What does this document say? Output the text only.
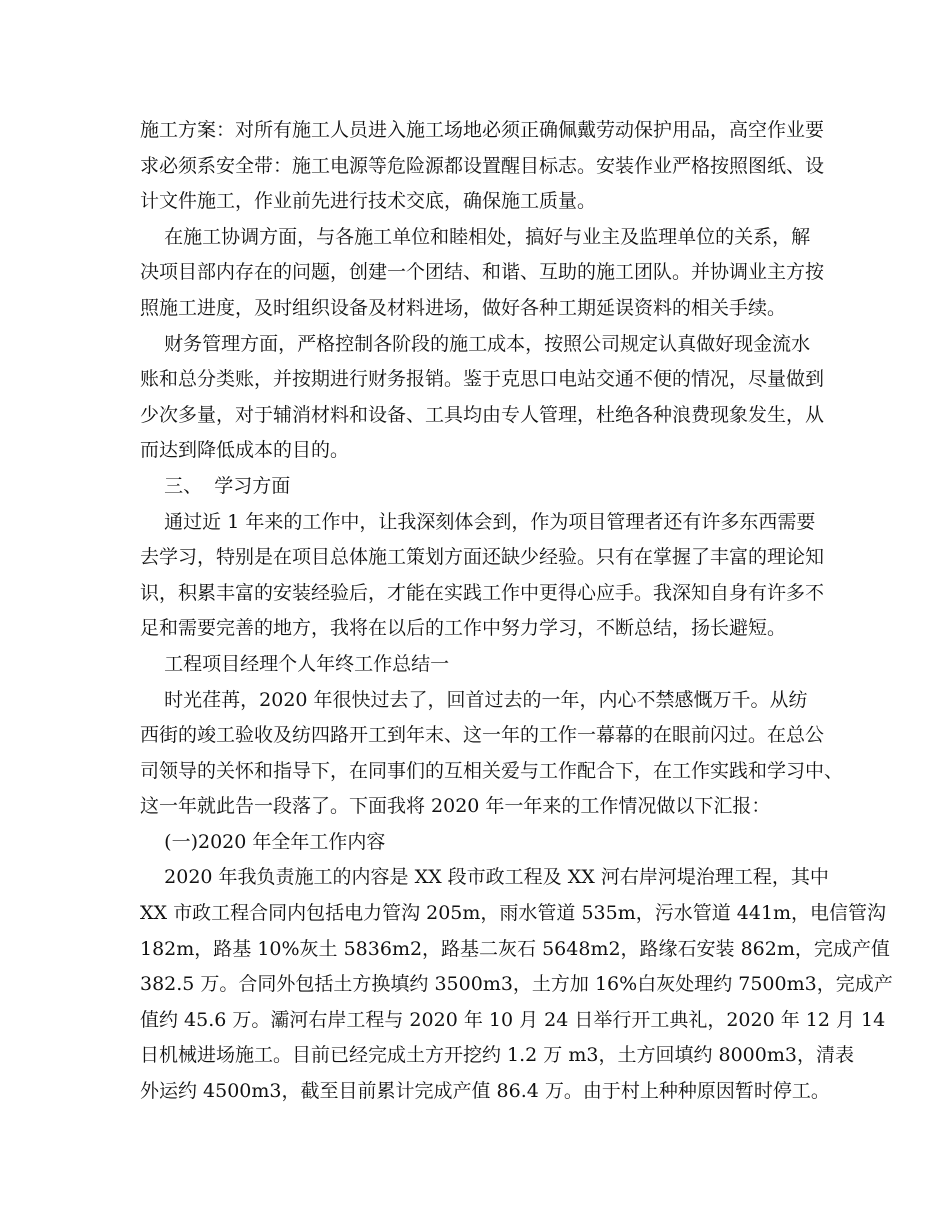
施工方案：对所有施工人员进入施工场地必须正确佩戴劳动保护用品，高空作业要
求必须系安全带：施工电源等危险源都设置醒目标志。安装作业严格按照图纸、设
计文件施工，作业前先进行技术交底，确保施工质量。
在施工协调方面，与各施工单位和睦相处，搞好与业主及监理单位的关系，解
决项目部内存在的问题，创建一个团结、和谐、互助的施工团队。并协调业主方按
照施工进度，及时组织设备及材料进场，做好各种工期延误资料的相关手续。
财务管理方面，严格控制各阶段的施工成本，按照公司规定认真做好现金流水
账和总分类账，并按期进行财务报销。鉴于克思口电站交通不便的情况，尽量做到
少次多量，对于辅消材料和设备、工具均由专人管理，杜绝各种浪费现象发生，从
而达到降低成本的目的。
三、  学习方面
通过近 1 年来的工作中，让我深刻体会到，作为项目管理者还有许多东西需要
去学习，特别是在项目总体施工策划方面还缺少经验。只有在掌握了丰富的理论知
识，积累丰富的安装经验后，才能在实践工作中更得心应手。我深知自身有许多不
足和需要完善的地方，我将在以后的工作中努力学习，不断总结，扬长避短。
工程项目经理个人年终工作总结一
时光荏苒，2020 年很快过去了，回首过去的一年，内心不禁感慨万千。从纺
西街的竣工验收及纺四路开工到年末、这一年的工作一幕幕的在眼前闪过。在总公
司领导的关怀和指导下，在同事们的互相关爱与工作配合下，在工作实践和学习中、
这一年就此告一段落了。下面我将 2020 年一年来的工作情况做以下汇报：
(一)2020 年全年工作内容
2020 年我负责施工的内容是 XX 段市政工程及 XX 河右岸河堤治理工程，其中
XX 市政工程合同内包括电力管沟 205m，雨水管道 535m，污水管道 441m，电信管沟
182m，路基 10%灰土 5836m2，路基二灰石 5648m2，路缘石安装 862m，完成产值
382.5 万。合同外包括土方换填约 3500m3，土方加 16%白灰处理约 7500m3，完成产
值约 45.6 万。灞河右岸工程与 2020 年 10 月 24 日举行开工典礼，2020 年 12 月 14
日机械进场施工。目前已经完成土方开挖约 1.2 万 m3，土方回填约 8000m3，清表
外运约 4500m3，截至目前累计完成产值 86.4 万。由于村上种种原因暂时停工。
